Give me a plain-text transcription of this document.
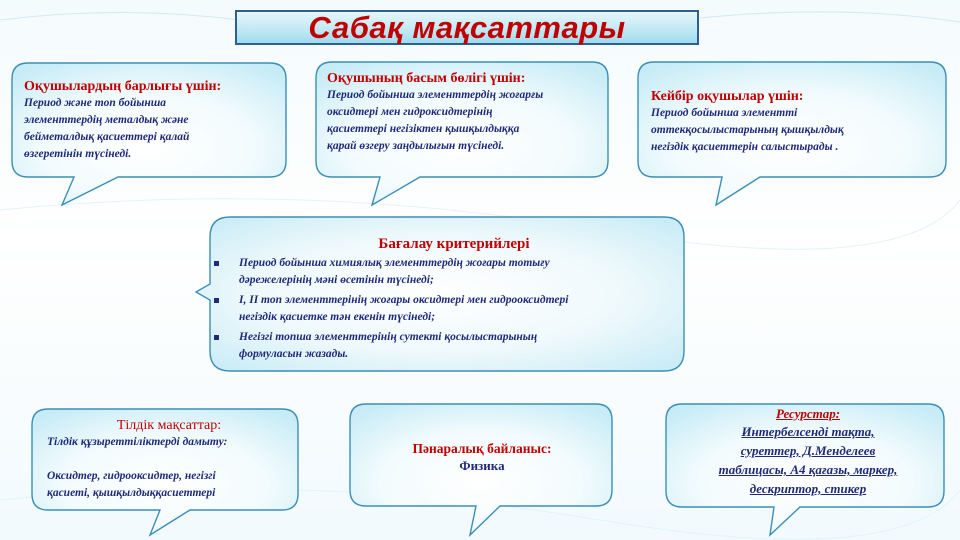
Сабақ мақсаттары
Оқушылардың барлығы үшін:
Период және топ бойынша
элементтердің металдық және
бейметалдық қасиеттері қалай
өзгеретінін түсінеді.
Оқушының басым бөлігі үшін:
Период бойынша элементтердің жоғарғы
оксидтері мен гидроксидтерінің
қасиеттері негізіктен қышқылдыққа
қарай өзгеру заңдылығын түсінеді.
Кейбір оқушылар үшін:
Период бойынша элементті
оттекқосылыстарының қышқылдық
негіздік қасиеттерін салыстырады .
Бағалау критерийлері
Период бойынша химиялық элементтердің жоғары тотығу
дәрежелерінің мәні өсетінін түсінеді;
I, II топ элементтерінің жоғары оксидтері мен гидрооксидтері
негіздік қасиетке тән екенін түсінеді;
Негізгі топша элементтерінің сутекті қосылыстарының
формуласын жазады.
Тілдік мақсаттар:
Тілдік құзыреттіліктерді дамыту:
Оксидтер, гидрооксидтер, негізгі
қасиеті, қышқылдыққасиеттері
Пәнаралық байланыс:
Физика
Ресурстар:
Интербелсенді тақта,
суреттер, Д.Менделеев
таблицасы, А4 қағазы, маркер,
дескриптор, стикер
